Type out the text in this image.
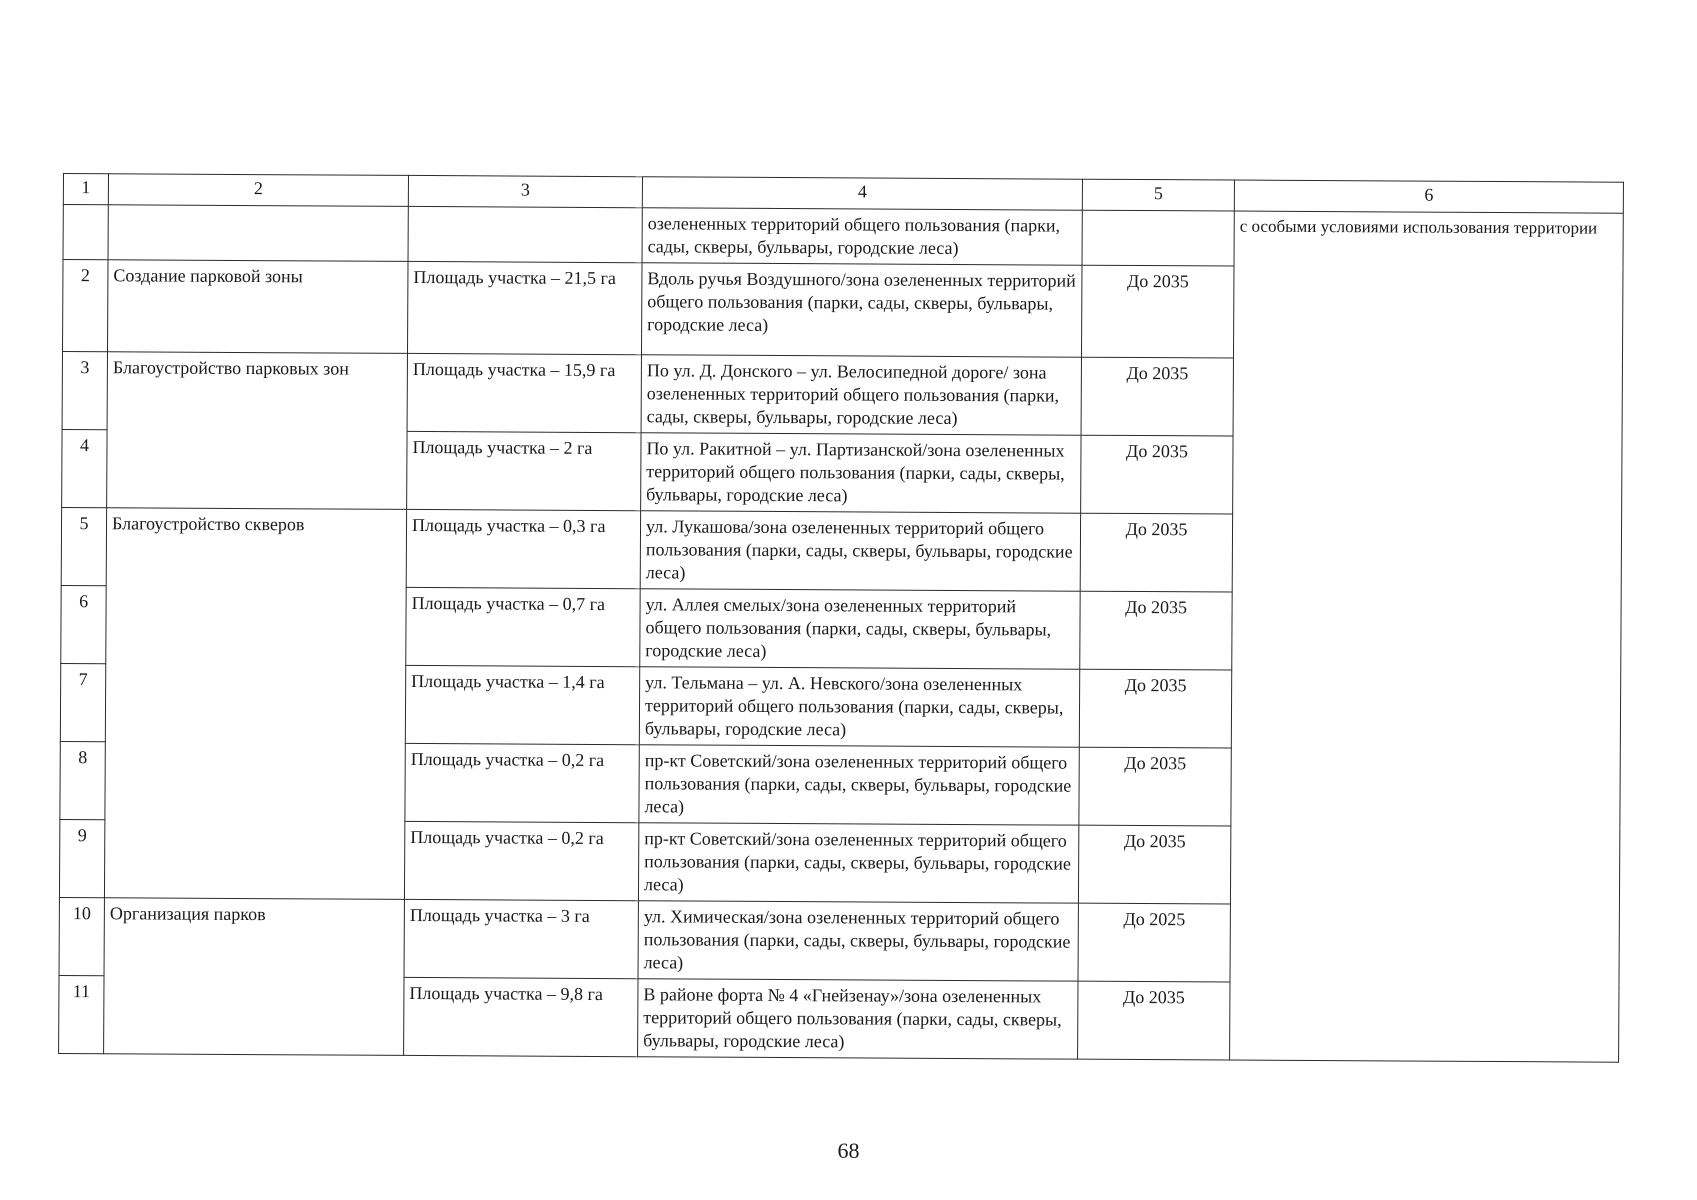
1	2	3	4	5	6
			озелененных территорий общего пользования (парки, сады, скверы, бульвары, городские леса)		с особыми условиями использования территории
2	Создание парковой зоны	Площадь участка – 21,5 га	Вдоль ручья Воздушного/зона озелененных территорий общего пользования (парки, сады, скверы, бульвары, городские леса)	До 2035	
3	Благоустройство парковых зон	Площадь участка – 15,9 га	По ул. Д. Донского – ул. Велосипедной дороге/ зона озелененных территорий общего пользования (парки, сады, скверы, бульвары, городские леса)	До 2035	
4		Площадь участка – 2 га	По ул. Ракитной – ул. Партизанской/зона озелененных территорий общего пользования (парки, сады, скверы, бульвары, городские леса)	До 2035	
5	Благоустройство скверов	Площадь участка – 0,3 га	ул. Лукашова/зона озелененных территорий общего пользования (парки, сады, скверы, бульвары, городские леса)	До 2035	
6		Площадь участка – 0,7 га	ул. Аллея смелых/зона озелененных территорий общего пользования (парки, сады, скверы, бульвары, городские леса)	До 2035	
7		Площадь участка – 1,4 га	ул. Тельмана – ул. А. Невского/зона озелененных территорий общего пользования (парки, сады, скверы, бульвары, городские леса)	До 2035	
8		Площадь участка – 0,2 га	пр-кт Советский/зона озелененных территорий общего пользования (парки, сады, скверы, бульвары, городские леса)	До 2035	
9		Площадь участка – 0,2 га	пр-кт Советский/зона озелененных территорий общего пользования (парки, сады, скверы, бульвары, городские леса)	До 2035	
10	Организация парков	Площадь участка – 3 га	ул. Химическая/зона озелененных территорий общего пользования (парки, сады, скверы, бульвары, городские леса)	До 2025	
11		Площадь участка – 9,8 га	В районе форта № 4 «Гнейзенау»/зона озелененных территорий общего пользования (парки, сады, скверы, бульвары, городские леса)	До 2035	
68
